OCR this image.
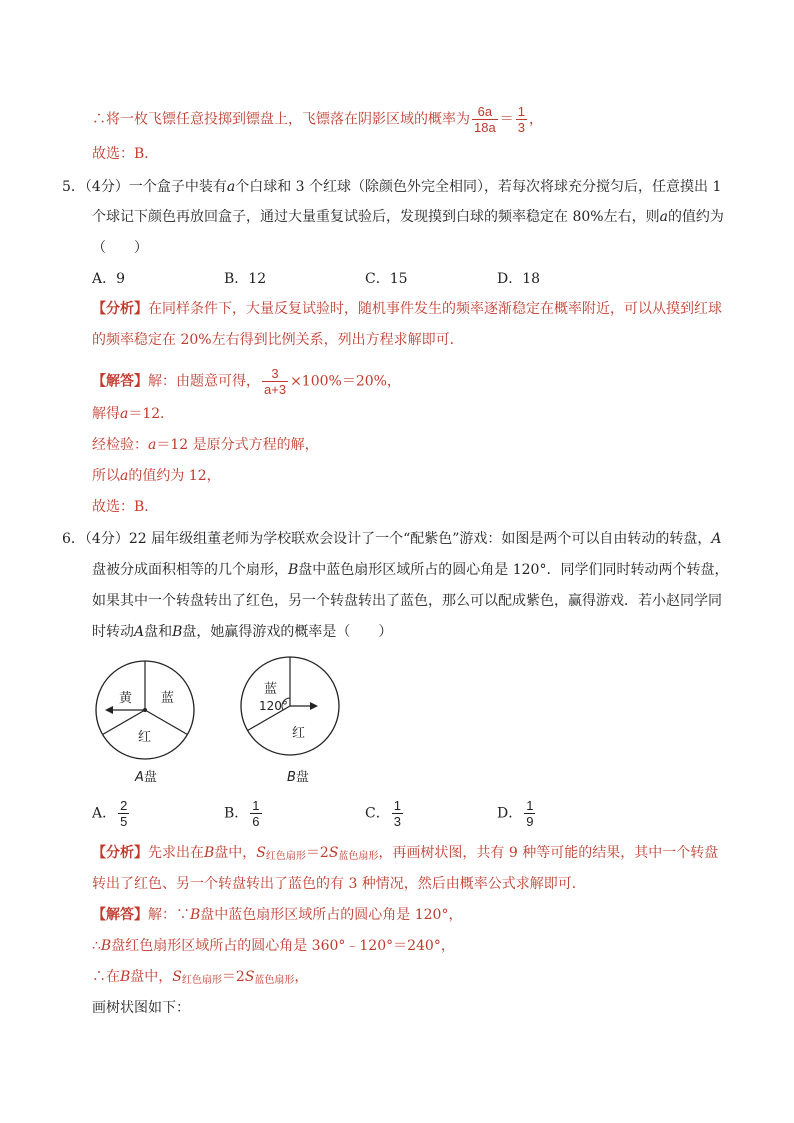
∴将一枚飞镖任意投掷到镖盘上，飞镖落在阴影区域的概率为 $\frac{6a}{18a} = \frac{1}{3}$ ，
故选：B．
5．（4分）一个盒子中装有a个白球和 3 个红球（除颜色外完全相同），若每次将球充分搅匀后，任意摸出 1
个球记下颜色再放回盒子，通过大量重复试验后，发现摸到白球的频率稳定在 80%左右，则a的值约为
（　　）
A．9	B．12	C．15	D．18
【分析】在同样条件下，大量反复试验时，随机事件发生的频率逐渐稳定在概率附近，可以从摸到红球
的频率稳定在 20%左右得到比例关系，列出方程求解即可．
【解答】解：由题意可得， $\frac{3}{a+3} \times 100\%=20\%$，
解得a＝12．
经检验：a＝12 是原分式方程的解，
所以a的值约为 12，
故选：B．
6．（4分）22 届年级组董老师为学校联欢会设计了一个“配紫色”游戏：如图是两个可以自由转动的转盘，A
盘被分成面积相等的几个扇形，B盘中蓝色扇形区域所占的圆心角是 120°．同学们同时转动两个转盘，
如果其中一个转盘转出了红色，另一个转盘转出了蓝色，那么可以配成紫色，赢得游戏．若小赵同学同
时转动A盘和B盘，她赢得游戏的概率是（　　）
黄 蓝
红
A盘
蓝
120°
红
B盘
A． $\frac{2}{5}$	B． $\frac{1}{6}$	C． $\frac{1}{3}$	D． $\frac{1}{9}$
【分析】先求出在B盘中，$S_{红色扇形}=2S_{蓝色扇形}$，再画树状图，共有 9 种等可能的结果，其中一个转盘
转出了红色、另一个转盘转出了蓝色的有 3 种情况，然后由概率公式求解即可．
【解答】解：∵B盘中蓝色扇形区域所占的圆心角是 120°，
∴B盘红色扇形区域所占的圆心角是 360°﹣120°＝240°，
∴在B盘中，$S_{红色扇形}=2S_{蓝色扇形}$，
画树状图如下：
